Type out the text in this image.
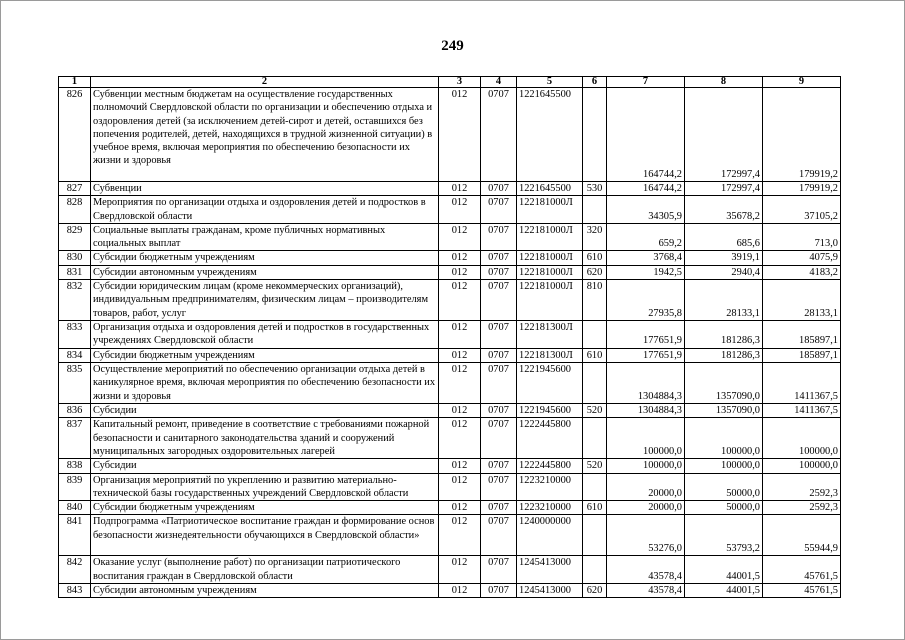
249
1	2	3	4	5	6	7	8	9
826	Субвенции местным бюджетам на осуществление государственных полномочий Свердловской области по организации и обеспечению отдыха и оздоровления детей (за исключением детей-сирот и детей, оставшихся без попечения родителей, детей, находящихся в трудной жизненной ситуации) в учебное время, включая мероприятия по обеспечению безопасности их жизни и здоровья	012	0707	1221645500		164744,2	172997,4	179919,2
827	Субвенции	012	0707	1221645500	530	164744,2	172997,4	179919,2
828	Мероприятия по организации отдыха и оздоровления детей и подростков в Свердловской области	012	0707	122181000Л		34305,9	35678,2	37105,2
829	Социальные выплаты гражданам, кроме публичных нормативных социальных выплат	012	0707	122181000Л	320	659,2	685,6	713,0
830	Субсидии бюджетным учреждениям	012	0707	122181000Л	610	3768,4	3919,1	4075,9
831	Субсидии автономным учреждениям	012	0707	122181000Л	620	1942,5	2940,4	4183,2
832	Субсидии юридическим лицам (кроме некоммерческих организаций), индивидуальным предпринимателям, физическим лицам – производителям товаров, работ, услуг	012	0707	122181000Л	810	27935,8	28133,1	28133,1
833	Организация отдыха и оздоровления детей и подростков в государственных учреждениях Свердловской области	012	0707	122181300Л		177651,9	181286,3	185897,1
834	Субсидии бюджетным учреждениям	012	0707	122181300Л	610	177651,9	181286,3	185897,1
835	Осуществление мероприятий по обеспечению организации отдыха детей в каникулярное время, включая мероприятия по обеспечению безопасности их жизни и здоровья	012	0707	1221945600		1304884,3	1357090,0	1411367,5
836	Субсидии	012	0707	1221945600	520	1304884,3	1357090,0	1411367,5
837	Капитальный ремонт, приведение в соответствие с требованиями пожарной безопасности и санитарного законодательства зданий и сооружений муниципальных загородных оздоровительных лагерей	012	0707	1222445800		100000,0	100000,0	100000,0
838	Субсидии	012	0707	1222445800	520	100000,0	100000,0	100000,0
839	Организация мероприятий по укреплению и развитию материально-технической базы государственных учреждений Свердловской области	012	0707	1223210000		20000,0	50000,0	2592,3
840	Субсидии бюджетным учреждениям	012	0707	1223210000	610	20000,0	50000,0	2592,3
841	Подпрограмма «Патриотическое воспитание граждан и формирование основ безопасности жизнедеятельности обучающихся в Свердловской области»	012	0707	1240000000		53276,0	53793,2	55944,9
842	Оказание услуг (выполнение работ) по организации патриотического воспитания граждан в Свердловской области	012	0707	1245413000		43578,4	44001,5	45761,5
843	Субсидии автономным учреждениям	012	0707	1245413000	620	43578,4	44001,5	45761,5
